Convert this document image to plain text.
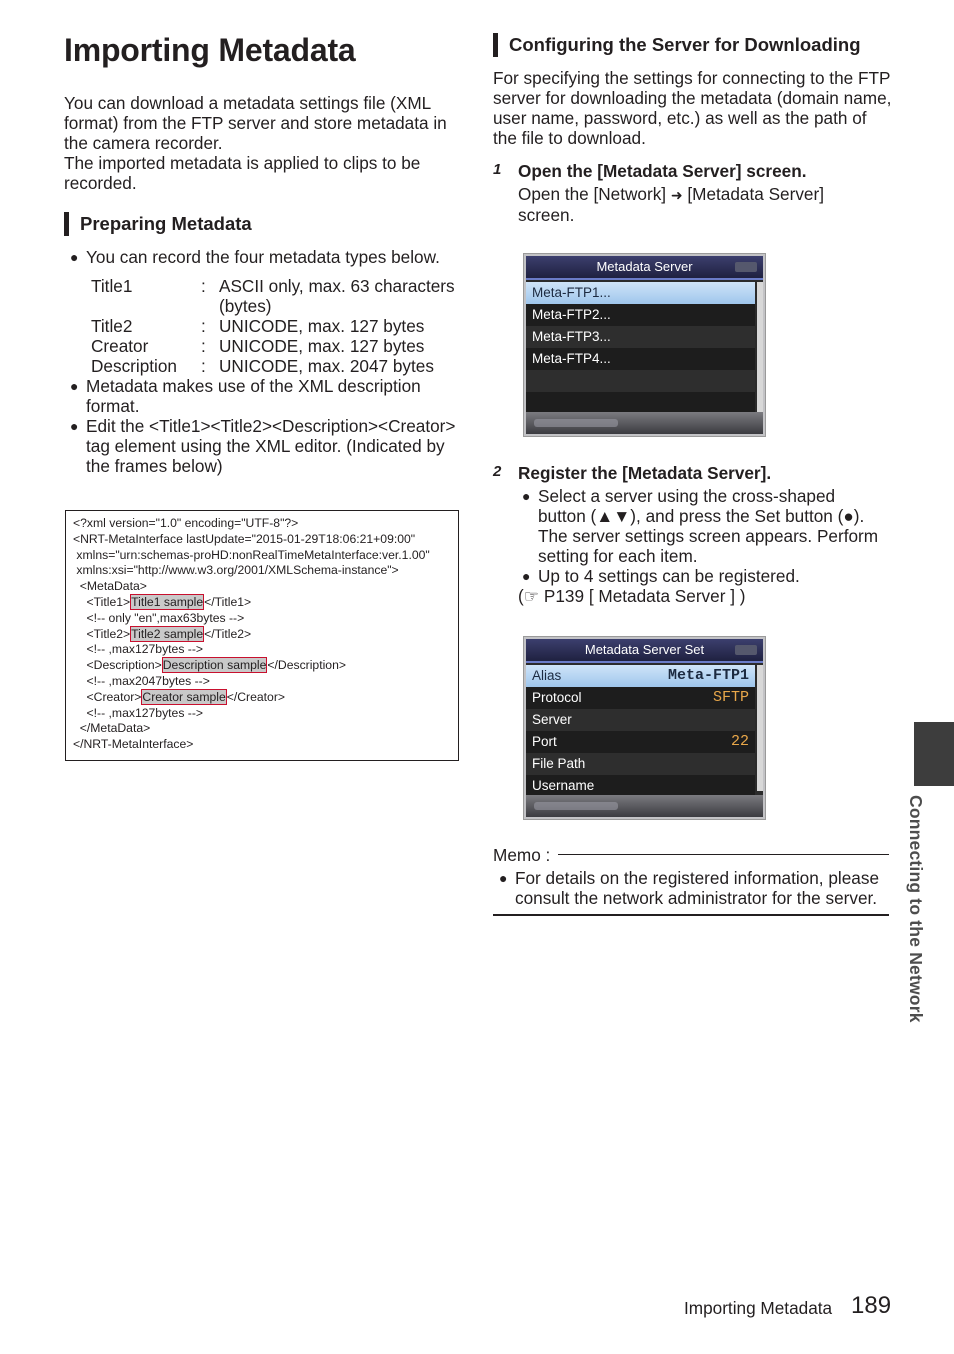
Importing Metadata
You can download a metadata settings file (XML format) from the FTP server and store metadata in the camera recorder.
The imported metadata is applied to clips to be recorded.
Preparing Metadata
● You can record the four metadata types below.
Title1	: ASCII only, max. 63 characters (bytes)
Title2	: UNICODE, max. 127 bytes
Creator	: UNICODE, max. 127 bytes
Description : UNICODE, max. 2047 bytes
● Metadata makes use of the XML description format.
● Edit the <Title1><Title2><Description><Creator> tag element using the XML editor. (Indicated by the frames below)
<?xml version="1.0" encoding="UTF-8"?>
<NRT-MetaInterface lastUpdate="2015-01-29T18:06:21+09:00"
xmlns="urn:schemas-proHD:nonRealTimeMetaInterface:ver.1.00"
xmlns:xsi="http://www.w3.org/2001/XMLSchema-instance">
<MetaData>
<Title1>Title1 sample</Title1>
<!-- only "en",max63bytes -->
<Title2>Title2 sample</Title2>
<!-- ,max127bytes -->
<Description>Description sample</Description>
<!-- ,max2047bytes -->
<Creator>Creator sample</Creator>
<!-- ,max127bytes -->
</MetaData>
</NRT-MetaInterface>
Configuring the Server for Downloading
For specifying the settings for connecting to the FTP server for downloading the metadata (domain name, user name, password, etc.) as well as the path of the file to download.
1 Open the [Metadata Server] screen.
Open the [Network] ➜ [Metadata Server]
screen.
Metadata Server
Meta-FTP1...
Meta-FTP2...
Meta-FTP3...
Meta-FTP4...
2 Register the [Metadata Server].
● Select a server using the cross-shaped
button (▲▼), and press the Set button (●).
The server settings screen appears. Perform
setting for each item.
● Up to 4 settings can be registered.
(☞ P139 [ Metadata Server ] )
Metadata Server Set
Alias	Meta-FTP1
Protocol	SFTP
Server
Port	22
File Path
Username
Memo :
● For details on the registered information, please
consult the network administrator for the server.	Connecting to the Network
Importing Metadata 189
